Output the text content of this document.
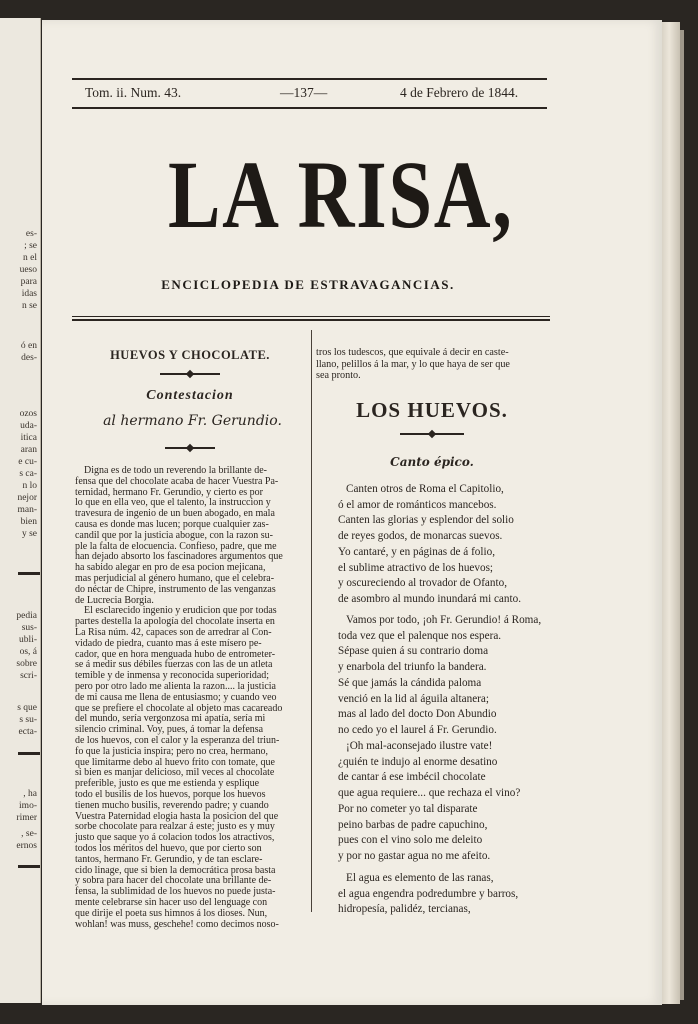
es-
; se
n el
ueso
para
idas
n se
ó en
des-
ozos
uda-
itica
aran
e cu-
s ca-
n lo
nejor
man-
bien
y se
pedia
sus-
ubli-
os, á
sobre
scri-
s que
s su-
ecta-
, ha
imo-
rimer
, se-
ernos
Tom. ii. Num. 43.	—137—	4 de Febrero de 1844.
LA RISA,
ENCICLOPEDIA DE ESTRAVAGANCIAS.
HUEVOS Y CHOCOLATE.
Contestacion
al hermano Fr. Gerundio.
Digna es de todo un reverendo la brillante de-
fensa que del chocolate acaba de hacer Vuestra Pa-
ternidad, hermano Fr. Gerundio, y cierto es por
lo que en ella veo, que el talento, la instruccion y
travesura de ingenio de un buen abogado, en mala
causa es donde mas lucen; porque cualquier zas-
candil que por la justicia abogue, con la razon su-
ple la falta de elocuencia. Confieso, padre, que me
han dejado absorto los fascinadores argumentos que
ha sabido alegar en pro de esa pocion mejicana,
mas perjudicial al género humano, que el celebra-
do néctar de Chipre, instrumento de las venganzas
de Lucrecia Borgia.
El esclarecido ingenio y erudicion que por todas
partes destella la apología del chocolate inserta en
La Risa núm. 42, capaces son de arredrar al Con-
vidado de piedra, cuanto mas á este mísero pe-
cador, que en hora menguada hubo de entrometer-
se á medir sus débiles fuerzas con las de un atleta
temible y de inmensa y reconocida superioridad;
pero por otro lado me alienta la razon.... la justicia
de mi causa me llena de entusiasmo; y cuando veo
que se prefiere el chocolate al objeto mas cacareado
del mundo, sería vergonzosa mi apatía, sería mi
silencio criminal. Voy, pues, á tomar la defensa
de los huevos, con el calor y la esperanza del triun-
fo que la justicia inspira; pero no crea, hermano,
que limitarme debo al huevo frito con tomate, que
si bien es manjar delicioso, mil veces al chocolate
preferible, justo es que me estienda y esplique
todo el busilis de los huevos, porque los huevos
tienen mucho busilis, reverendo padre; y cuando
Vuestra Paternidad elogia hasta la posicion del que
sorbe chocolate para realzar á este; justo es y muy
justo que saque yo á colacion todos los atractivos,
todos los méritos del huevo, que por cierto son
tantos, hermano Fr. Gerundio, y de tan esclare-
cido linage, que si bien la democrática prosa basta
y sobra para hacer del chocolate una brillante de-
fensa, la sublimidad de los huevos no puede justa-
mente celebrarse sin hacer uso del lenguage con
que dirije el poeta sus himnos á los dioses. Nun,
wohlan! was muss, geschehe! como decimos noso-
tros los tudescos, que equivale á decir en caste-
llano, pelillos á la mar, y lo que haya de ser que
sea pronto.
LOS HUEVOS.
Canto épico.
Canten otros de Roma el Capitolio,
ó el amor de románticos mancebos.
Canten las glorias y esplendor del solio
de reyes godos, de monarcas suevos.
Yo cantaré, y en páginas de á folio,
el sublime atractivo de los huevos;
y oscureciendo al trovador de Ofanto,
de asombro al mundo inundará mi canto.
Vamos por todo, ¡oh Fr. Gerundio! á Roma,
toda vez que el palenque nos espera.
Sépase quien á su contrario doma
y enarbola del triunfo la bandera.
Sé que jamás la cándida paloma
venció en la lid al águila altanera;
mas al lado del docto Don Abundio
no cedo yo el laurel á Fr. Gerundio.
¡Oh mal-aconsejado ilustre vate!
¿quién te indujo al enorme desatino
de cantar á ese imbécil chocolate
que agua requiere... que rechaza el vino?
Por no cometer yo tal disparate
peino barbas de padre capuchino,
pues con el vino solo me deleito
y por no gastar agua no me afeito.
El agua es elemento de las ranas,
el agua engendra podredumbre y barros,
hidropesía, palidéz, tercianas,
